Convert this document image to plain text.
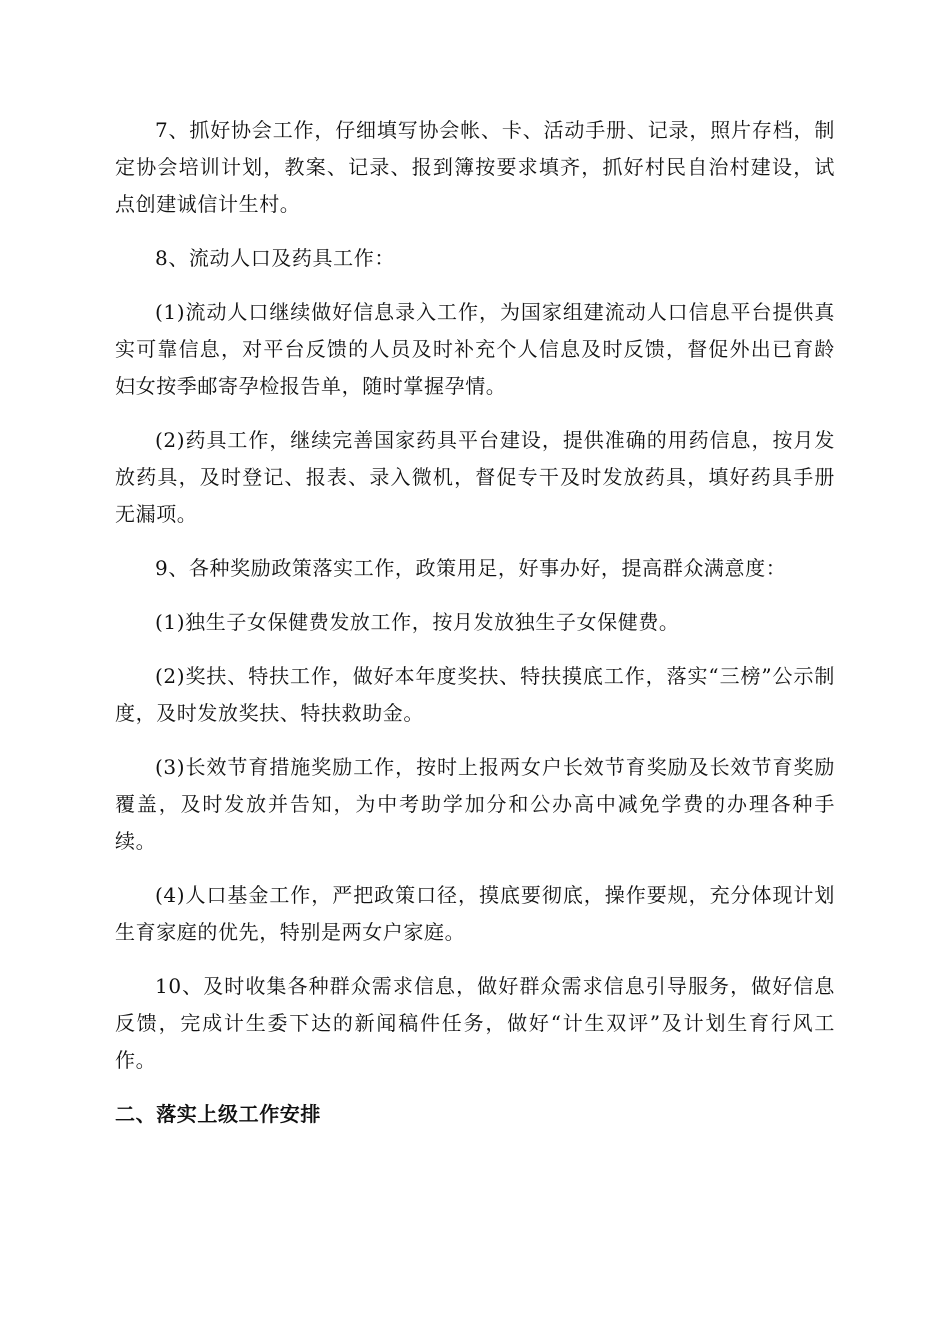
7、抓好协会工作，仔细填写协会帐、卡、活动手册、记录，照片存档，制定协会培训计划，教案、记录、报到簿按要求填齐，抓好村民自治村建设，试点创建诚信计生村。

8、流动人口及药具工作：

(1)流动人口继续做好信息录入工作，为国家组建流动人口信息平台提供真实可靠信息，对平台反馈的人员及时补充个人信息及时反馈，督促外出已育龄妇女按季邮寄孕检报告单，随时掌握孕情。

(2)药具工作，继续完善国家药具平台建设，提供准确的用药信息，按月发放药具，及时登记、报表、录入微机，督促专干及时发放药具，填好药具手册无漏项。

9、各种奖励政策落实工作，政策用足，好事办好，提高群众满意度：

(1)独生子女保健费发放工作，按月发放独生子女保健费。

(2)奖扶、特扶工作，做好本年度奖扶、特扶摸底工作，落实“三榜”公示制度，及时发放奖扶、特扶救助金。

(3)长效节育措施奖励工作，按时上报两女户长效节育奖励及长效节育奖励覆盖，及时发放并告知，为中考助学加分和公办高中减免学费的办理各种手续。

(4)人口基金工作，严把政策口径，摸底要彻底，操作要规，充分体现计划生育家庭的优先，特别是两女户家庭。

10、及时收集各种群众需求信息，做好群众需求信息引导服务，做好信息反馈，完成计生委下达的新闻稿件任务，做好“计生双评”及计划生育行风工作。

二、落实上级工作安排
